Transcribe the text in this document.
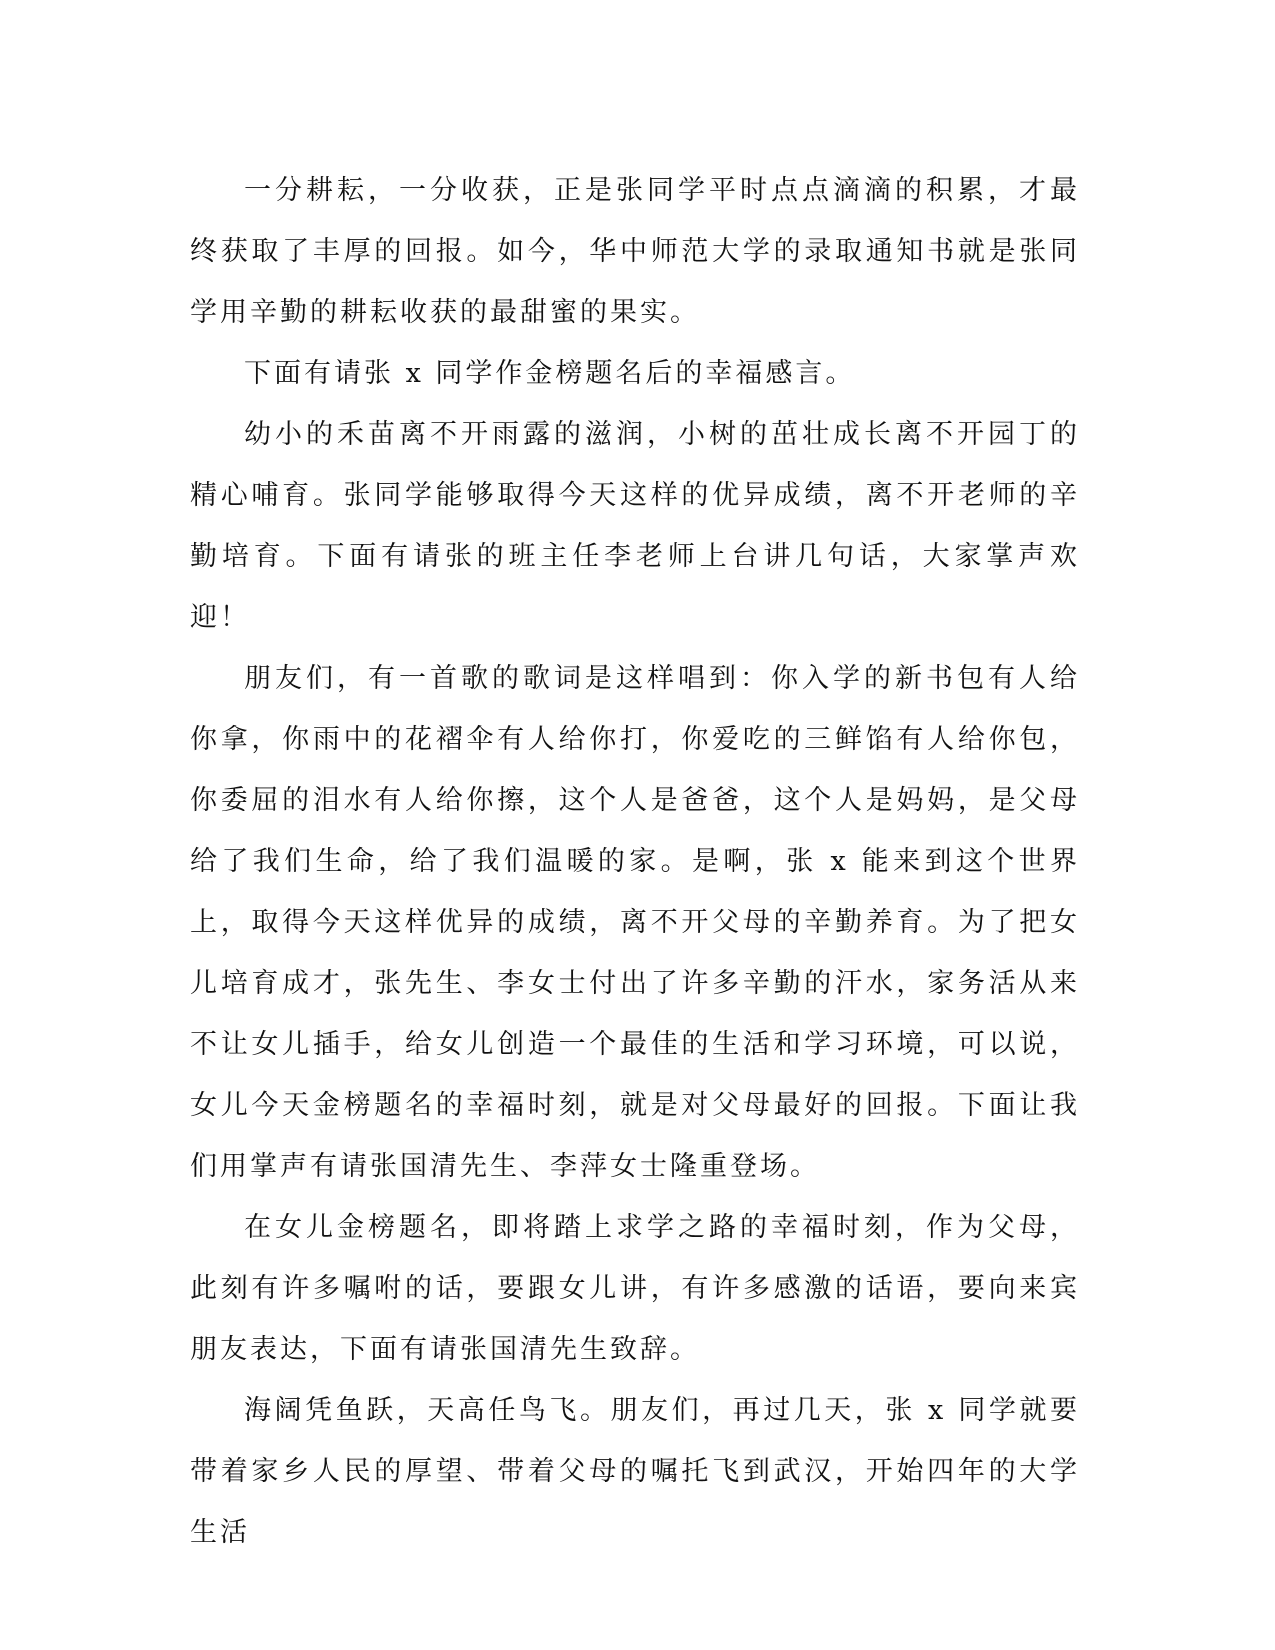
一分耕耘，一分收获，正是张同学平时点点滴滴的积累，才最终获取了丰厚的回报。如今，华中师范大学的录取通知书就是张同学用辛勤的耕耘收获的最甜蜜的果实。

下面有请张 x 同学作金榜题名后的幸福感言。

幼小的禾苗离不开雨露的滋润，小树的茁壮成长离不开园丁的精心哺育。张同学能够取得今天这样的优异成绩，离不开老师的辛勤培育。下面有请张的班主任李老师上台讲几句话，大家掌声欢迎！

朋友们，有一首歌的歌词是这样唱到：你入学的新书包有人给你拿，你雨中的花褶伞有人给你打，你爱吃的三鲜馅有人给你包，你委屈的泪水有人给你擦，这个人是爸爸，这个人是妈妈，是父母给了我们生命，给了我们温暖的家。是啊，张 x 能来到这个世界上，取得今天这样优异的成绩，离不开父母的辛勤养育。为了把女儿培育成才，张先生、李女士付出了许多辛勤的汗水，家务活从来不让女儿插手，给女儿创造一个最佳的生活和学习环境，可以说，女儿今天金榜题名的幸福时刻，就是对父母最好的回报。下面让我们用掌声有请张国清先生、李萍女士隆重登场。

在女儿金榜题名，即将踏上求学之路的幸福时刻，作为父母，此刻有许多嘱咐的话，要跟女儿讲，有许多感激的话语，要向来宾朋友表达，下面有请张国清先生致辞。

海阔凭鱼跃，天高任鸟飞。朋友们，再过几天，张 x 同学就要带着家乡人民的厚望、带着父母的嘱托飞到武汉，开始四年的大学生活
